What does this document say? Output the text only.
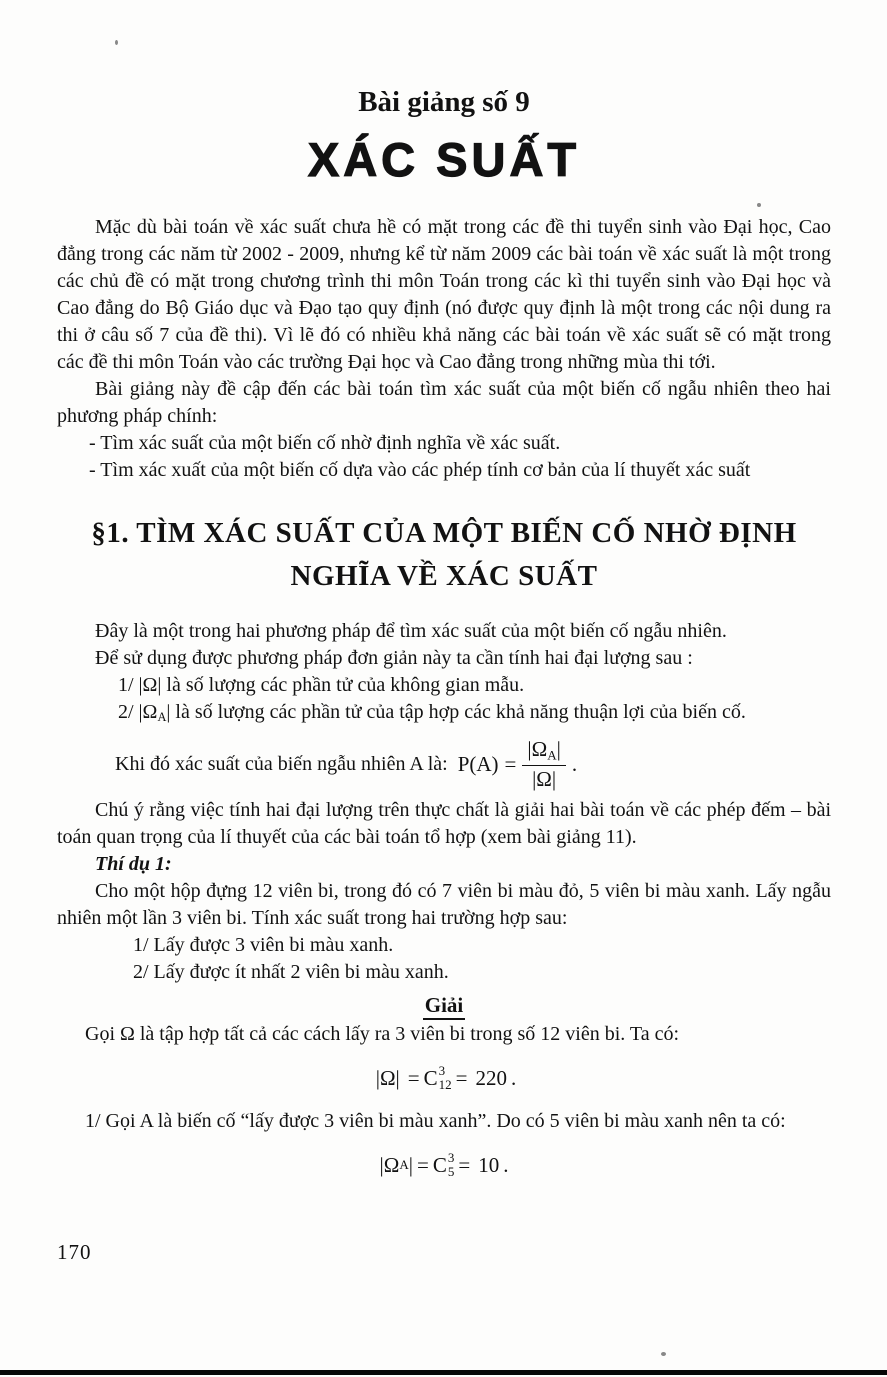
Bài giảng số 9
XÁC SUẤT

Mặc dù bài toán về xác suất chưa hề có mặt trong các đề thi tuyển sinh vào Đại học, Cao đẳng trong các năm từ 2002 - 2009, nhưng kể từ năm 2009 các bài toán về xác suất là một trong các chủ đề có mặt trong chương trình thi môn Toán trong các kì thi tuyển sinh vào Đại học và Cao đẳng do Bộ Giáo dục và Đạo tạo quy định (nó được quy định là một trong các nội dung ra thi ở câu số 7 của đề thi). Vì lẽ đó có nhiều khả năng các bài toán về xác suất sẽ có mặt trong các đề thi môn Toán vào các trường Đại học và Cao đẳng trong những mùa thi tới.

Bài giảng này đề cập đến các bài toán tìm xác suất của một biến cố ngẫu nhiên theo hai phương pháp chính:

- Tìm xác suất của một biến cố nhờ định nghĩa về xác suất.

- Tìm xác xuất của một biến cố dựa vào các phép tính cơ bản của lí thuyết xác suất

§1. TÌM XÁC SUẤT CỦA MỘT BIẾN CỐ NHỜ ĐỊNH NGHĨA VỀ XÁC SUẤT

Đây là một trong hai phương pháp để tìm xác suất của một biến cố ngẫu nhiên.

Để sử dụng được phương pháp đơn giản này ta cần tính hai đại lượng sau :

1/ |Ω| là số lượng các phần tử của không gian mẫu.

2/ $|\Omega_A|$ là số lượng các phần tử của tập hợp các khả năng thuận lợi của biến cố.

Khi đó xác suất của biến ngẫu nhiên A là: $P(A) = \frac{|\Omega_A|}{|\Omega|}$ .

Chú ý rằng việc tính hai đại lượng trên thực chất là giải hai bài toán về các phép đếm – bài toán quan trọng của lí thuyết của các bài toán tổ hợp (xem bài giảng 11).

Thí dụ 1:

Cho một hộp đựng 12 viên bi, trong đó có 7 viên bi màu đỏ, 5 viên bi màu xanh. Lấy ngẫu nhiên một lần 3 viên bi. Tính xác suất trong hai trường hợp sau:

1/ Lấy được 3 viên bi màu xanh.

2/ Lấy được ít nhất 2 viên bi màu xanh.

Giải

Gọi Ω là tập hợp tất cả các cách lấy ra 3 viên bi trong số 12 viên bi. Ta có:

|Ω| = C 3
12 = 220 .

1/ Gọi A là biến cố “lấy được 3 viên bi màu xanh”. Do có 5 viên bi màu xanh nên ta có:

|Ω A | = C 3
5 = 10 .
170
